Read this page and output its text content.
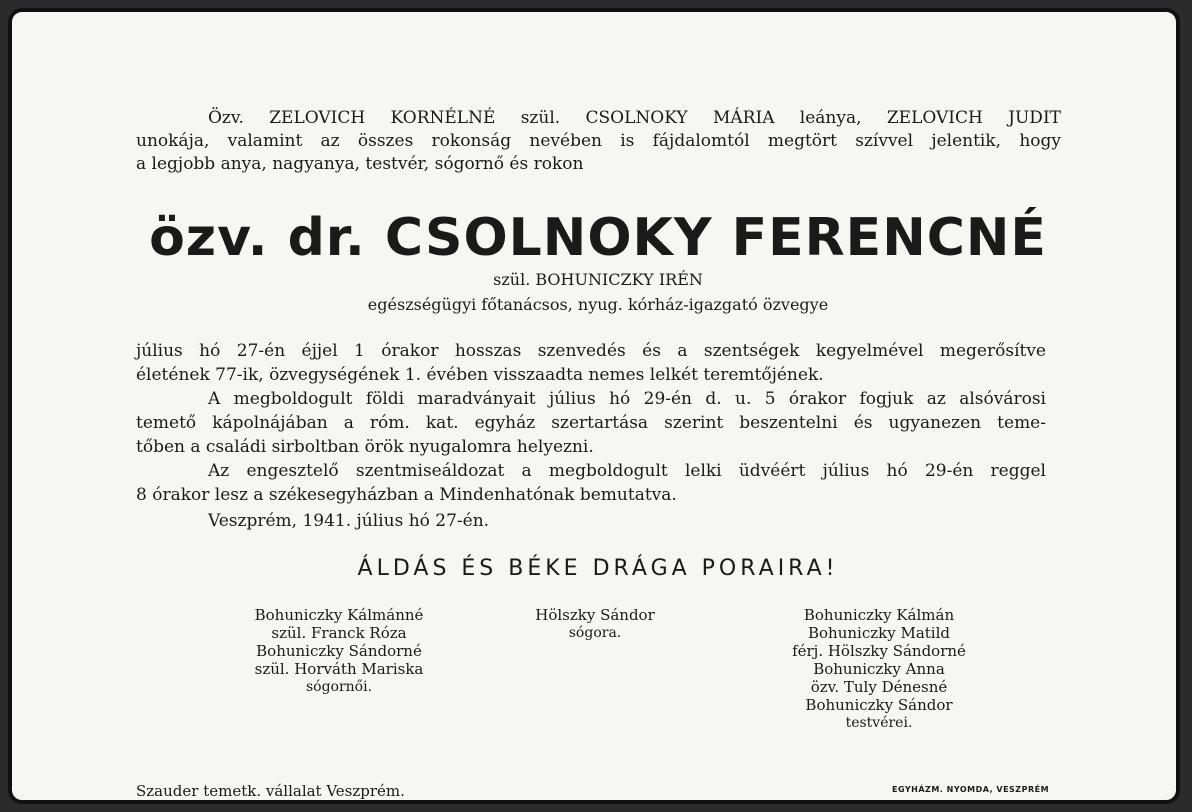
Özv. ZELOVICH KORNÉLNÉ szül. CSOLNOKY MÁRIA leánya, ZELOVICH JUDIT
unokája, valamint az összes rokonság nevében is fájdalomtól megtört szívvel jelentik, hogy
a legjobb anya, nagyanya, testvér, sógornő és rokon
özv. dr. CSOLNOKY FERENCNÉ
szül. BOHUNICZKY IRÉN
egészségügyi főtanácsos, nyug. kórház-igazgató özvegye
július hó 27-én éjjel 1 órakor hosszas szenvedés és a szentségek kegyelmével megerősítve
életének 77-ik, özvegységének 1. évében visszaadta nemes lelkét teremtőjének.
A megboldogult földi maradványait július hó 29-én d. u. 5 órakor fogjuk az alsóvárosi
temető kápolnájában a róm. kat. egyház szertartása szerint beszentelni és ugyanezen teme-
tőben a családi sirboltban örök nyugalomra helyezni.
Az engesztelő szentmiseáldozat a megboldogult lelki üdvéért július hó 29-én reggel
8 órakor lesz a székesegyházban a Mindenhatónak bemutatva.
Veszprém, 1941. július hó 27-én.
ÁLDÁS ÉS BÉKE DRÁGA PORAIRA!
Bohuniczky Kálmánné
szül. Franck Róza
Bohuniczky Sándorné
szül. Horváth Mariska
sógornői.
Hölszky Sándor
sógora.
Bohuniczky Kálmán
Bohuniczky Matild
férj. Hölszky Sándorné
Bohuniczky Anna
özv. Tuly Dénesné
Bohuniczky Sándor
testvérei.
Szauder temetk. vállalat Veszprém.	EGYHÁZM. NYOMDA, VESZPRÉM
